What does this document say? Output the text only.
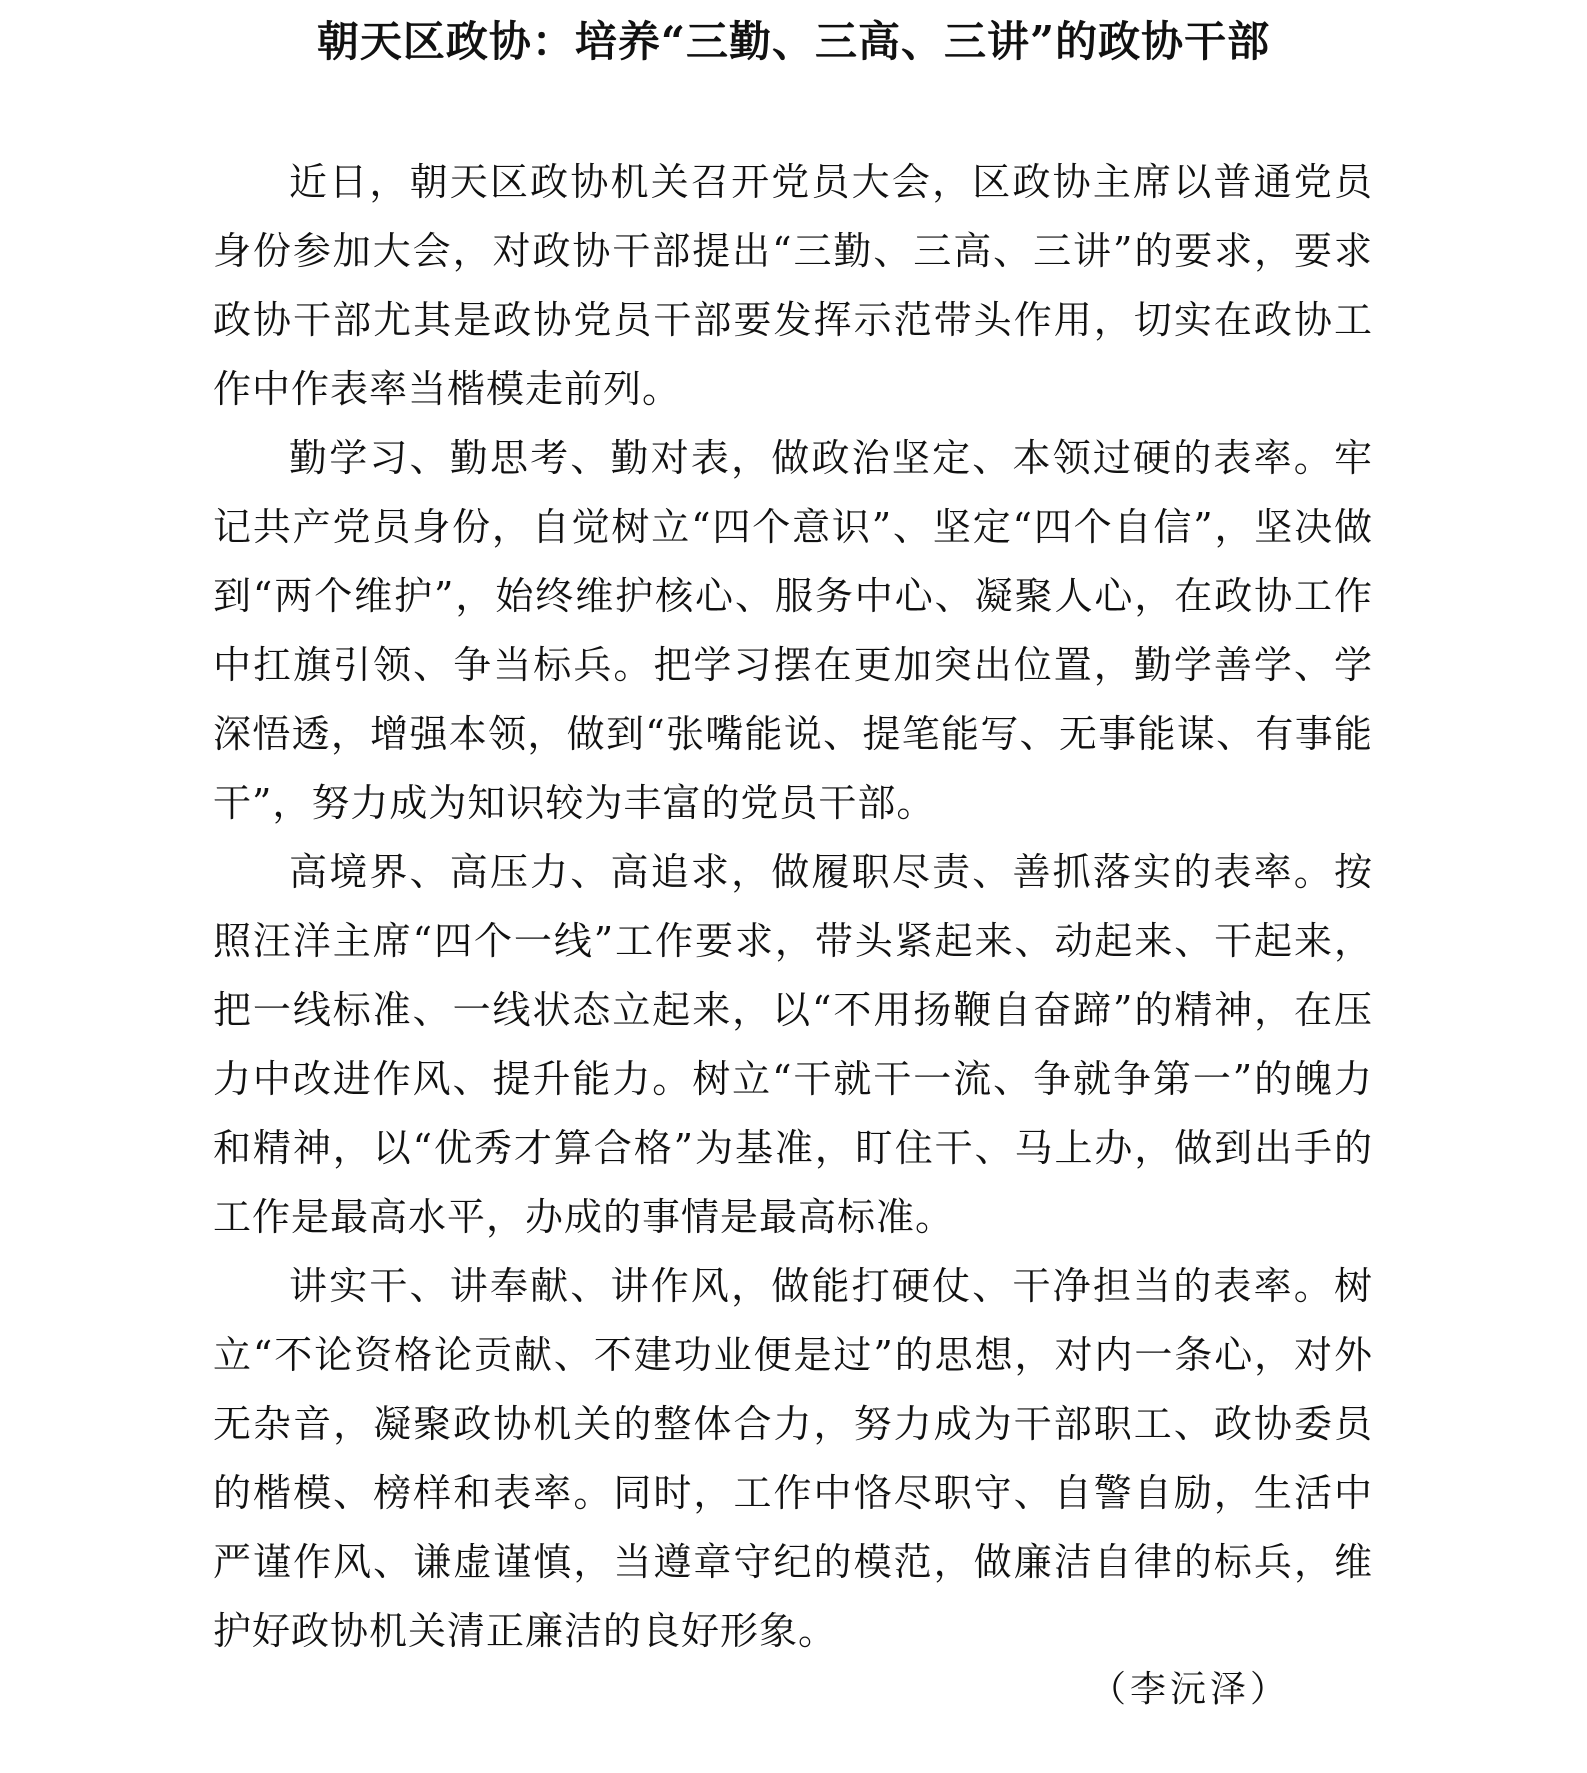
朝天区政协：培养“三勤、三高、三讲”的政协干部

近日，朝天区政协机关召开党员大会，区政协主席以普通党员身份参加大会，对政协干部提出“三勤、三高、三讲”的要求，要求政协干部尤其是政协党员干部要发挥示范带头作用，切实在政协工作中作表率当楷模走前列。

勤学习、勤思考、勤对表，做政治坚定、本领过硬的表率。牢记共产党员身份，自觉树立“四个意识”、坚定“四个自信”，坚决做到“两个维护”，始终维护核心、服务中心、凝聚人心，在政协工作中扛旗引领、争当标兵。把学习摆在更加突出位置，勤学善学、学深悟透，增强本领，做到“张嘴能说、提笔能写、无事能谋、有事能干”，努力成为知识较为丰富的党员干部。

高境界、高压力、高追求，做履职尽责、善抓落实的表率。按照汪洋主席“四个一线”工作要求，带头紧起来、动起来、干起来，把一线标准、一线状态立起来，以“不用扬鞭自奋蹄”的精神，在压力中改进作风、提升能力。树立“干就干一流、争就争第一”的魄力和精神，以“优秀才算合格”为基准，盯住干、马上办，做到出手的工作是最高水平，办成的事情是最高标准。

讲实干、讲奉献、讲作风，做能打硬仗、干净担当的表率。树立“不论资格论贡献、不建功业便是过”的思想，对内一条心，对外无杂音，凝聚政协机关的整体合力，努力成为干部职工、政协委员的楷模、榜样和表率。同时，工作中恪尽职守、自警自励，生活中严谨作风、谦虚谨慎，当遵章守纪的模范，做廉洁自律的标兵，维护好政协机关清正廉洁的良好形象。

（李沅泽）
